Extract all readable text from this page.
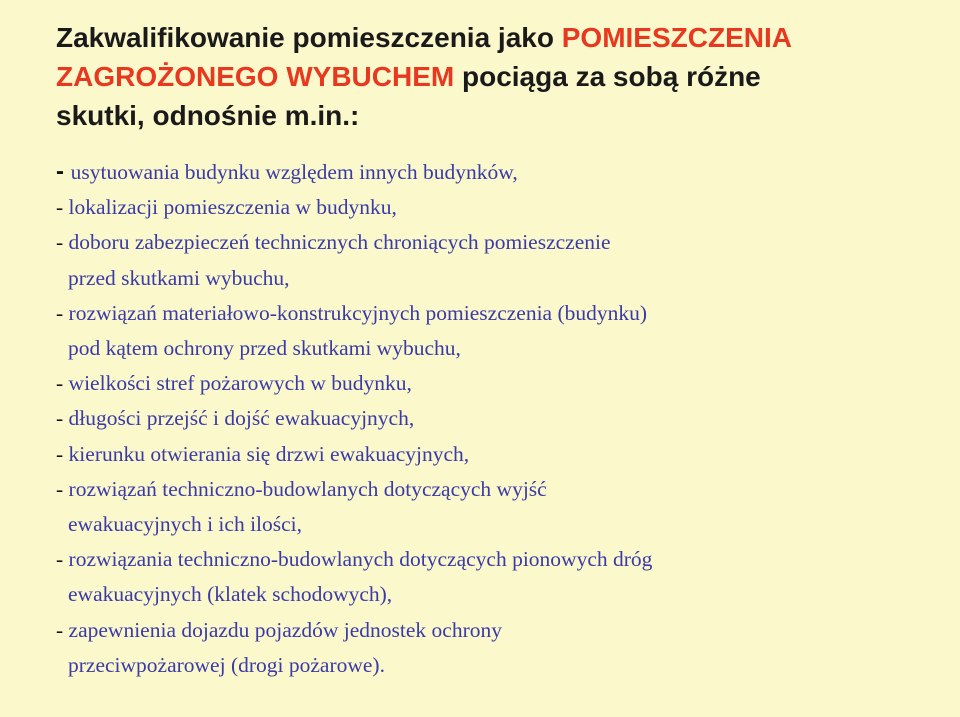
Zakwalifikowanie pomieszczenia jako POMIESZCZENIA
ZAGROŻONEGO WYBUCHEM pociąga za sobą różne
skutki, odnośnie m.in.:
- usytuowania budynku względem innych budynków,
- lokalizacji pomieszczenia w budynku,
- doboru zabezpieczeń technicznych chroniących pomieszczenie
przed skutkami wybuchu,
- rozwiązań materiałowo-konstrukcyjnych pomieszczenia (budynku)
pod kątem ochrony przed skutkami wybuchu,
- wielkości stref pożarowych w budynku,
- długości przejść i dojść ewakuacyjnych,
- kierunku otwierania się drzwi ewakuacyjnych,
- rozwiązań techniczno-budowlanych dotyczących wyjść
ewakuacyjnych i ich ilości,
- rozwiązania techniczno-budowlanych dotyczących pionowych dróg
ewakuacyjnych (klatek schodowych),
- zapewnienia dojazdu pojazdów jednostek ochrony
przeciwpożarowej (drogi pożarowe).
